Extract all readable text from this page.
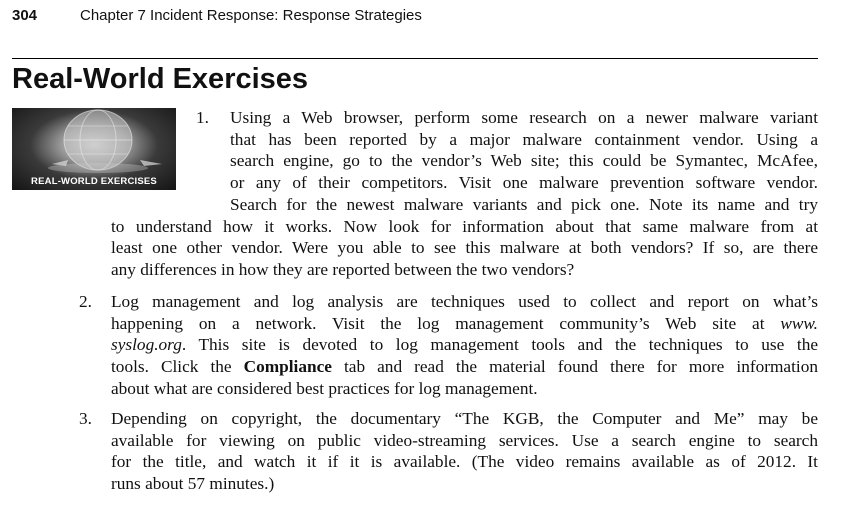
304	Chapter 7 Incident Response: Response Strategies
Real-World Exercises
REAL-WORLD EXERCISES
1. Using a Web browser, perform some research on a newer malware variant
that has been reported by a major malware containment vendor. Using a
search engine, go to the vendor’s Web site; this could be Symantec, McAfee,
or any of their competitors. Visit one malware prevention software vendor.
Search for the newest malware variants and pick one. Note its name and try
to understand how it works. Now look for information about that same malware from at
least one other vendor. Were you able to see this malware at both vendors? If so, are there
any differences in how they are reported between the two vendors?
2. Log management and log analysis are techniques used to collect and report on what’s
happening on a network. Visit the log management community’s Web site at www.
syslog.org. This site is devoted to log management tools and the techniques to use the
tools. Click the Compliance tab and read the material found there for more information
about what are considered best practices for log management.
3. Depending on copyright, the documentary “The KGB, the Computer and Me” may be
available for viewing on public video-streaming services. Use a search engine to search
for the title, and watch it if it is available. (The video remains available as of 2012. It
runs about 57 minutes.)
